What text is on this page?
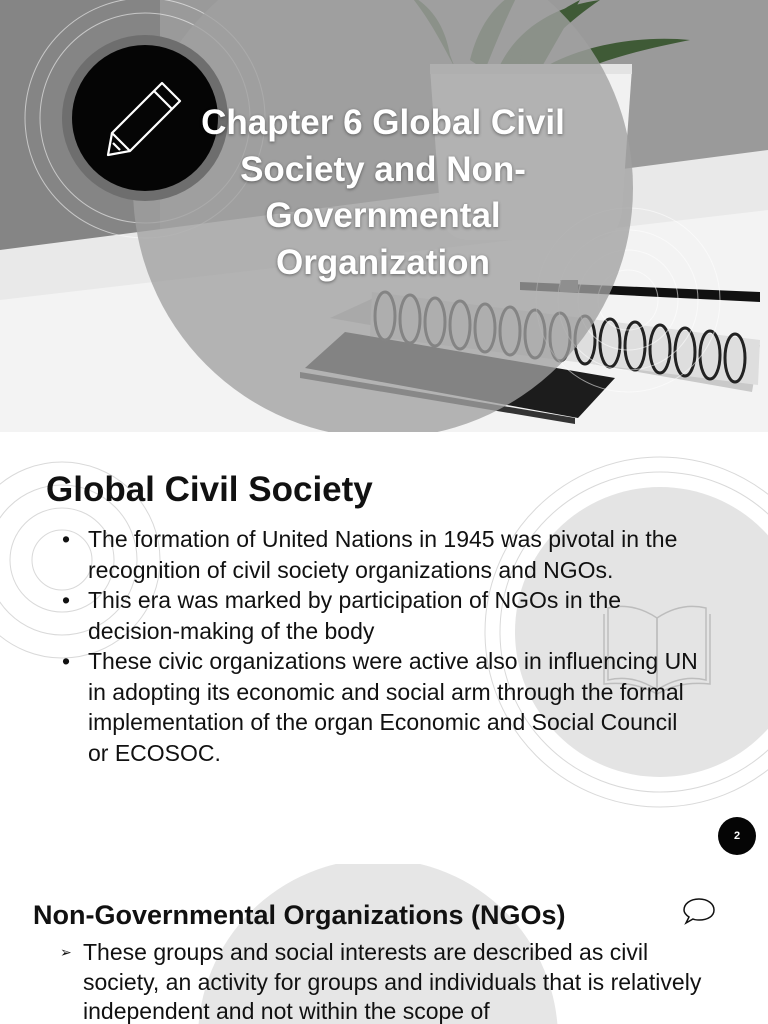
Chapter 6 Global Civil Society and Non-Governmental Organization
Global Civil Society
• The formation of United Nations in 1945 was pivotal in the recognition of civil society organizations and NGOs.
• This era was marked by participation of NGOs in the decision-making of the body
• These civic organizations were active also in influencing UN in adopting its economic and social arm through the formal implementation of the organ Economic and Social Council or ECOSOC.
2
Non-Governmental Organizations (NGOs)
➢ These groups and social interests are described as civil society, an activity for groups and individuals that is relatively independent and not within the scope of
